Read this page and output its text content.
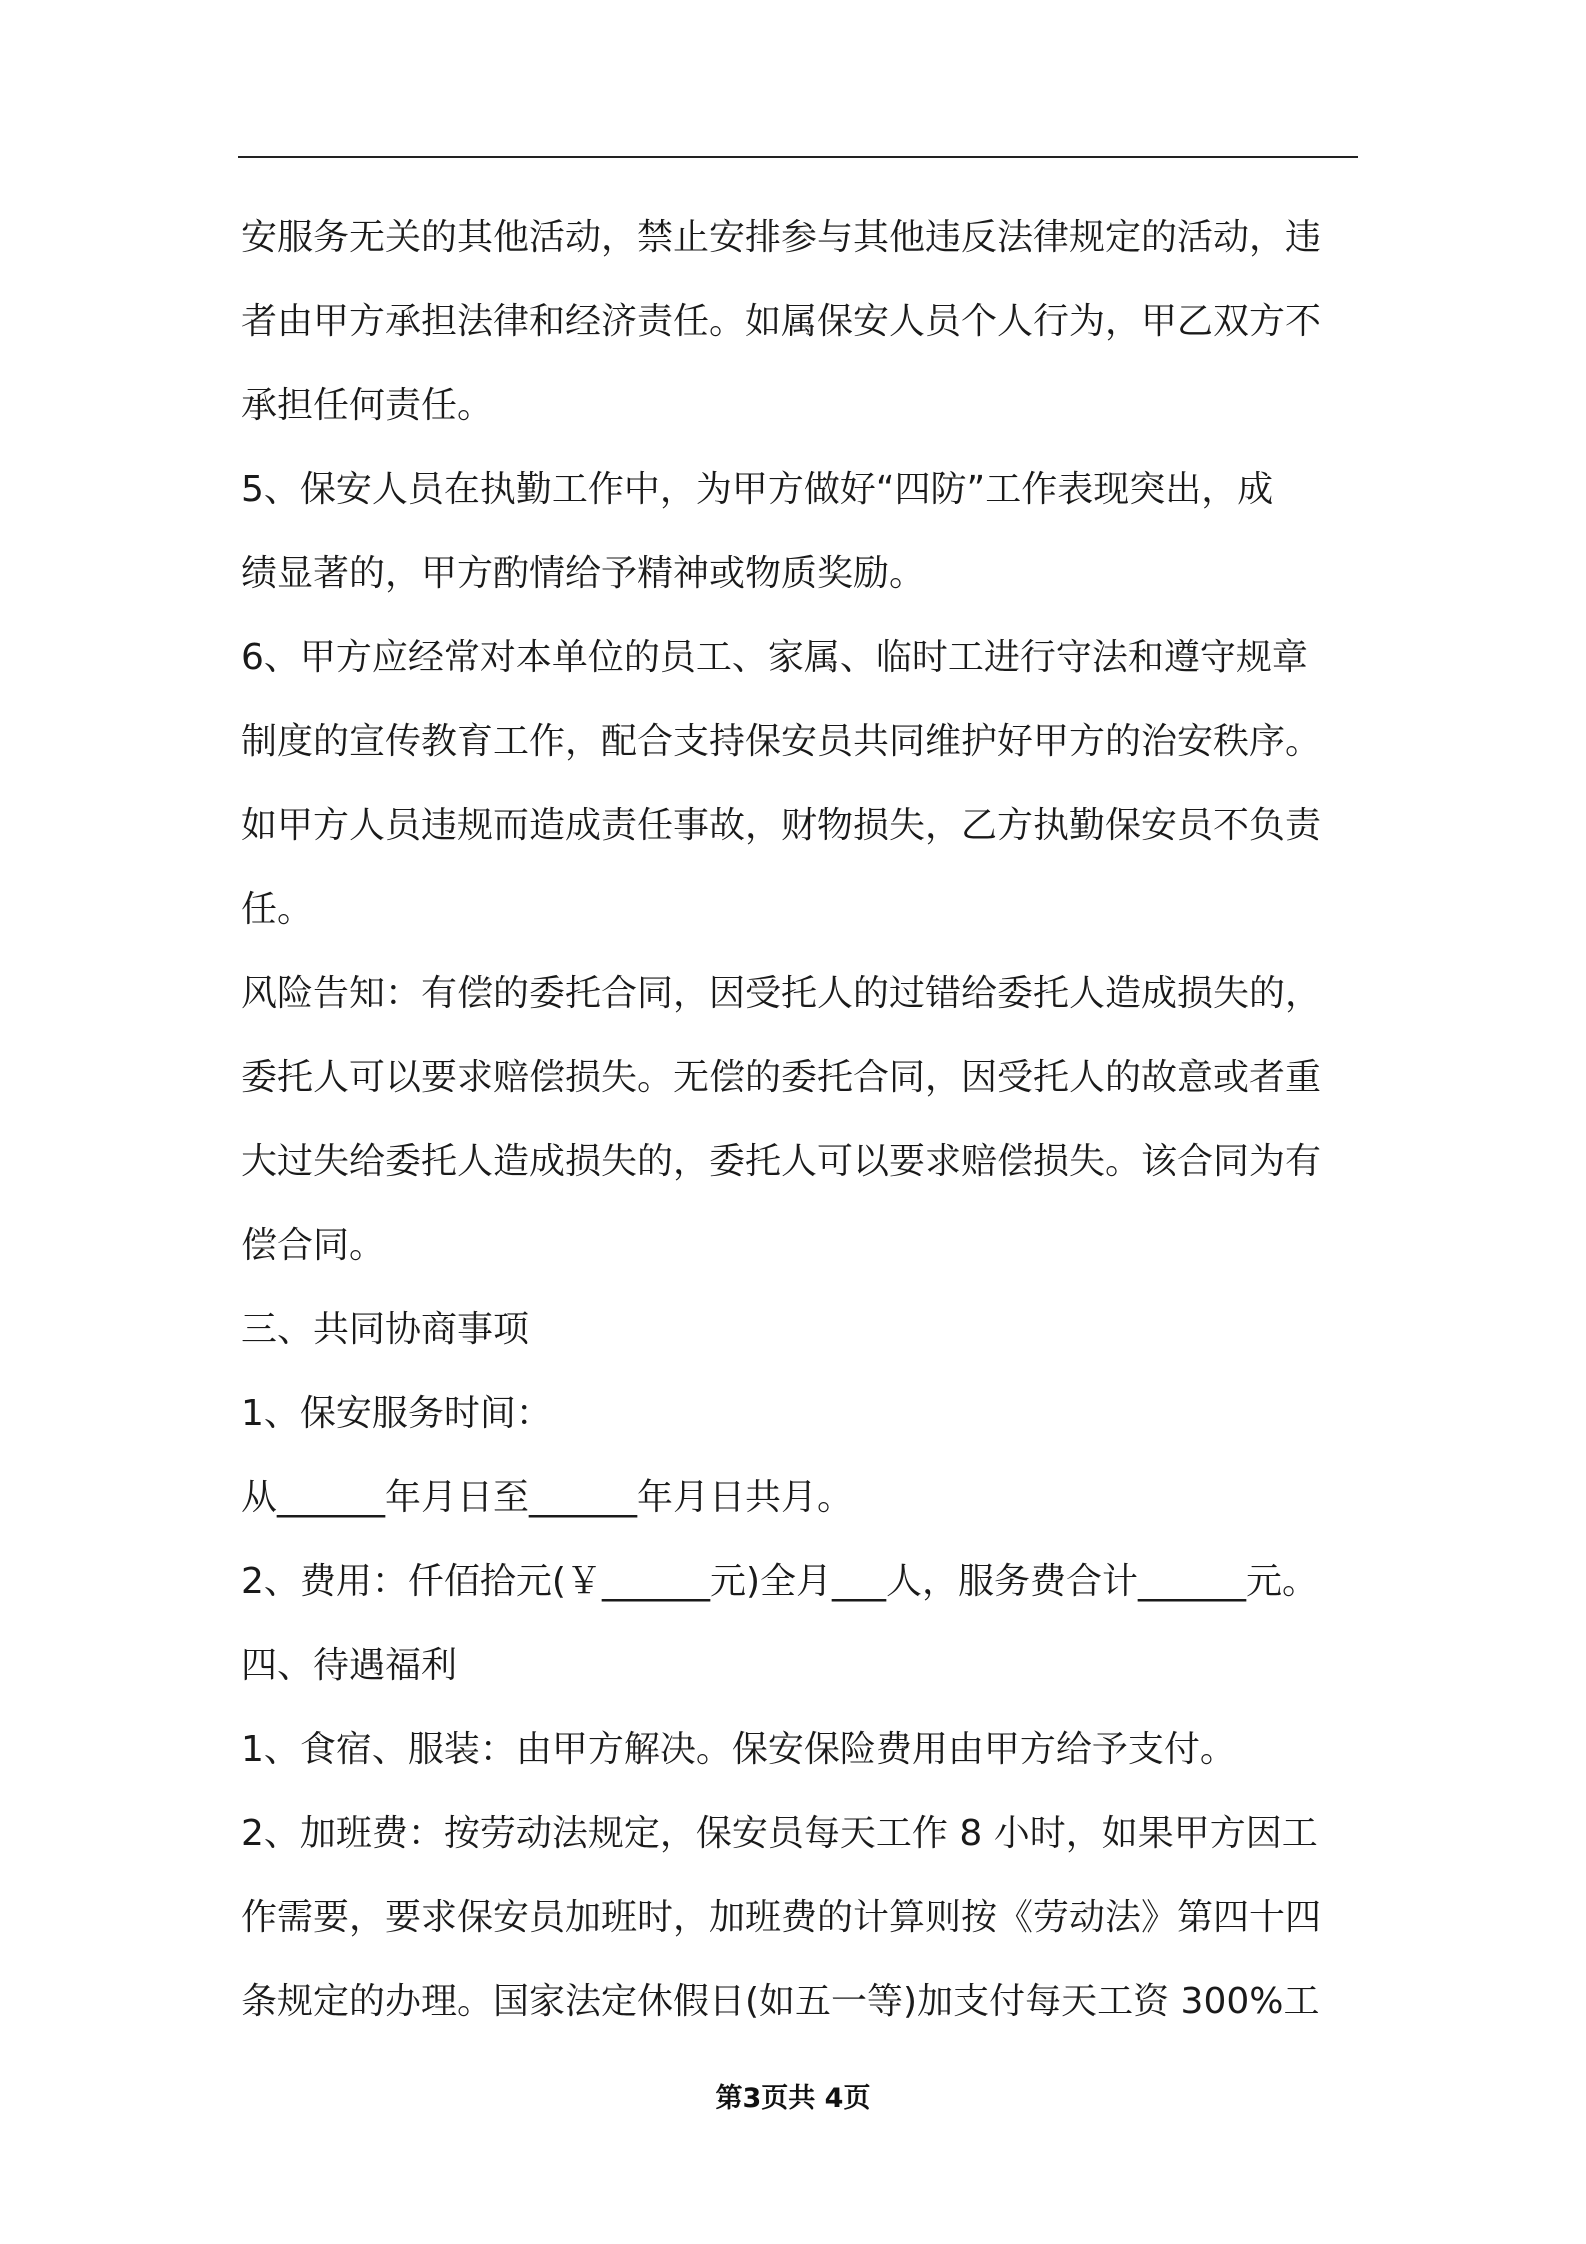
安服务无关的其他活动，禁止安排参与其他违反法律规定的活动，违
者由甲方承担法律和经济责任。如属保安人员个人行为，甲乙双方不
承担任何责任。
5、保安人员在执勤工作中，为甲方做好“四防”工作表现突出，成
绩显著的，甲方酌情给予精神或物质奖励。
6、甲方应经常对本单位的员工、家属、临时工进行守法和遵守规章
制度的宣传教育工作，配合支持保安员共同维护好甲方的治安秩序。
如甲方人员违规而造成责任事故，财物损失，乙方执勤保安员不负责
任。
风险告知：有偿的委托合同，因受托人的过错给委托人造成损失的，
委托人可以要求赔偿损失。无偿的委托合同，因受托人的故意或者重
大过失给委托人造成损失的，委托人可以要求赔偿损失。该合同为有
偿合同。
三、共同协商事项
1、保安服务时间：
从______年月日至______年月日共月。
2、费用：仟佰拾元(￥______元)全月___人，服务费合计______元。
四、待遇福利
1、食宿、服装：由甲方解决。保安保险费用由甲方给予支付。
2、加班费：按劳动法规定，保安员每天工作 8 小时，如果甲方因工
作需要，要求保安员加班时，加班费的计算则按《劳动法》第四十四
条规定的办理。国家法定休假日(如五一等)加支付每天工资 300%工
第3页共 4页
